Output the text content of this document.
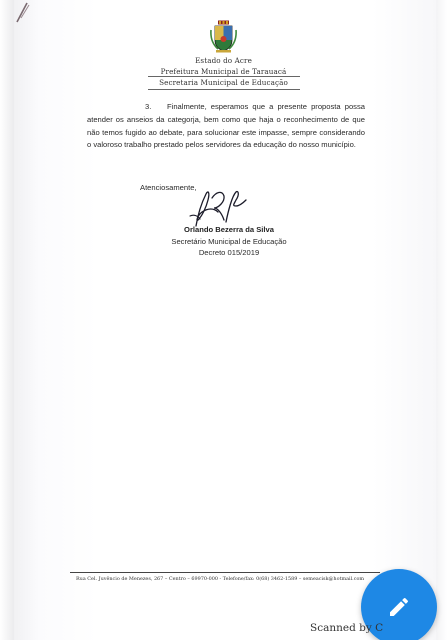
Estado do Acre
Prefeitura Municipal de Tarauacá
Secretaria Municipal de Educação
3. Finalmente, esperamos que a presente proposta possa atender os anseios da categorja, bem como que haja o reconhecimento de que não temos fugido ao debate, para solucionar este impasse, sempre considerando o valoroso trabalho prestado pelos servidores da educação do nosso município.
Atenciosamente,
Orlando Bezerra da Silva
Secretário Municipal de Educação
Decreto 015/2019
Rua Cel. Juvêncio de Menezes, 267 – Centro – 69970-000 - Telefone/fax: 0(68) 3462-1589 – semeacisk@hotmail.com
Scanned by C
